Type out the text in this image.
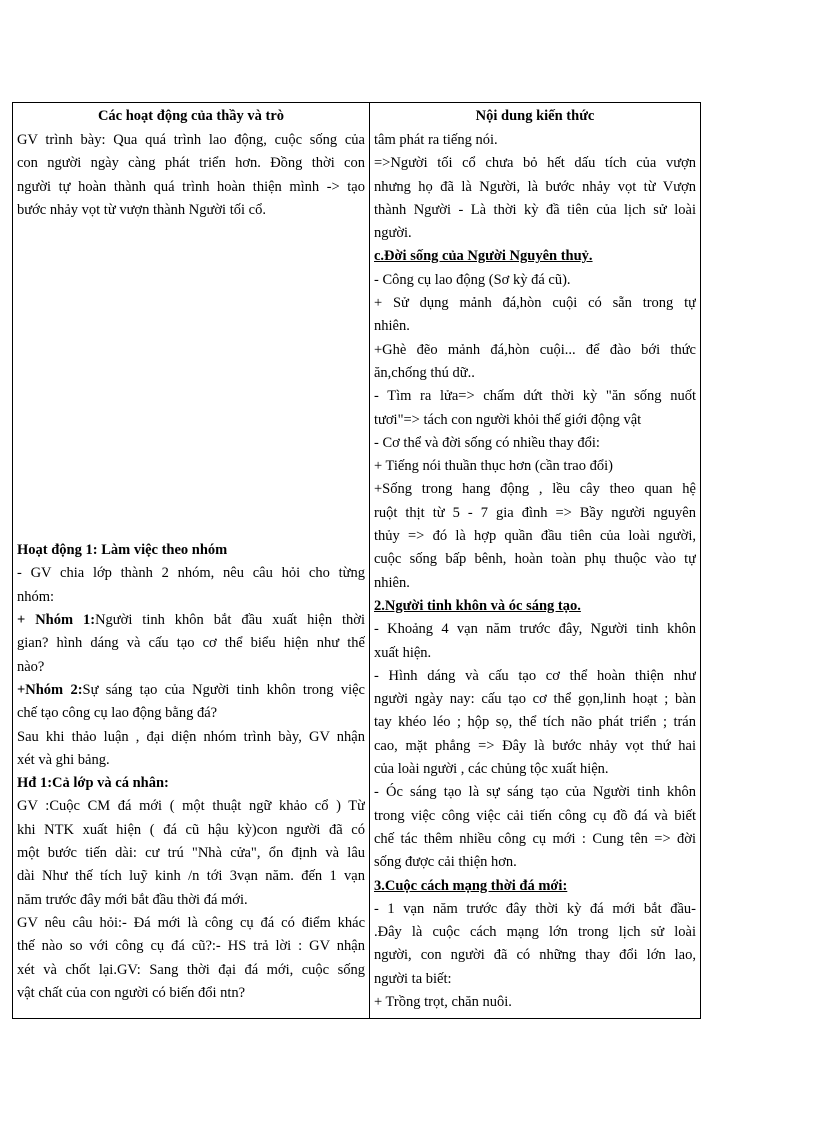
Các hoạt động của thầy và trò
GV trình bày: Qua quá trình lao động, cuộc sống của
con người ngày càng phát triển hơn. Đồng thời con
người tự hoàn thành quá trình hoàn thiện mình -> tạo
bước nhảy vọt từ vượn thành Người tối cổ.
Hoạt động 1: Làm việc theo nhóm
- GV chia lớp thành 2 nhóm, nêu câu hỏi cho từng
nhóm:
+ Nhóm 1:Người tinh khôn bắt đầu xuất hiện thời
gian? hình dáng và cấu tạo cơ thể biểu hiện như thế
nào?
+Nhóm 2:Sự sáng tạo của Người tinh khôn trong việc
chế tạo công cụ lao động bằng đá?
Sau khi thảo luận , đại diện nhóm trình bày, GV nhận
xét và ghi bảng.
Hđ 1:Cả lớp và cá nhân:
GV :Cuộc CM đá mới ( một thuật ngữ khảo cổ ) Từ
khi NTK xuất hiện ( đá cũ hậu kỳ)con người đã có
một bước tiến dài: cư trú "Nhà cửa", ổn định và lâu
dài Như thế tích luỹ kinh /n tới 3vạn năm. đến 1 vạn
năm trước đây mới bắt đầu thời đá mới.
GV nêu câu hỏi:- Đá mới là công cụ đá có điểm khác
thế nào so với công cụ đá cũ?:- HS trả lời : GV nhận
xét và chốt lại.GV: Sang thời đại đá mới, cuộc sống
vật chất của con người có biến đổi ntn?
Nội dung kiến thức
tâm phát ra tiếng nói.
=>Người tối cổ chưa bỏ hết dấu tích của vượn
nhưng họ đã là Người, là bước nhảy vọt từ Vượn
thành Người - Là thời kỳ đầ tiên của lịch sử loài
người.
c.Đời sống của Người Nguyên thuỷ.
- Công cụ lao động (Sơ kỳ đá cũ).
+ Sử dụng mảnh đá,hòn cuội có sẵn trong tự
nhiên.
+Ghè đẽo mảnh đá,hòn cuội... để đào bới thức
ăn,chống thú dữ..
- Tìm ra lửa=> chấm dứt thời kỳ "ăn sống nuốt
tươi"=> tách con người khỏi thế giới động vật
- Cơ thể và đời sống có nhiều thay đổi:
+ Tiếng nói thuần thục hơn (cần trao đổi)
+Sống trong hang động , lều cây theo quan hệ
ruột thịt từ 5 - 7 gia đình => Bầy người nguyên
thủy => đó là hợp quần đầu tiên của loài người,
cuộc sống bấp bênh, hoàn toàn phụ thuộc vào tự
nhiên.
2.Người tinh khôn và óc sáng tạo.
- Khoảng 4 vạn năm trước đây, Người tinh khôn
xuất hiện.
- Hình dáng và cấu tạo cơ thể hoàn thiện như
người ngày nay: cấu tạo cơ thể gọn,linh hoạt ; bàn
tay khéo léo ; hộp sọ, thể tích não phát triển ; trán
cao, mặt phẳng => Đây là bước nhảy vọt thứ hai
của loài người , các chủng tộc xuất hiện.
- Óc sáng tạo là sự sáng tạo của Người tinh khôn
trong việc công việc cải tiến công cụ đồ đá và biết
chế tác thêm nhiều công cụ mới : Cung tên => đời
sống được cải thiện hơn.
3.Cuộc cách mạng thời đá mới:
- 1 vạn năm trước đây thời kỳ đá mới bắt đầu-
.Đây là cuộc cách mạng lớn trong lịch sử loài
người, con người đã có những thay đổi lớn lao,
người ta biết:
+ Trồng trọt, chăn nuôi.
